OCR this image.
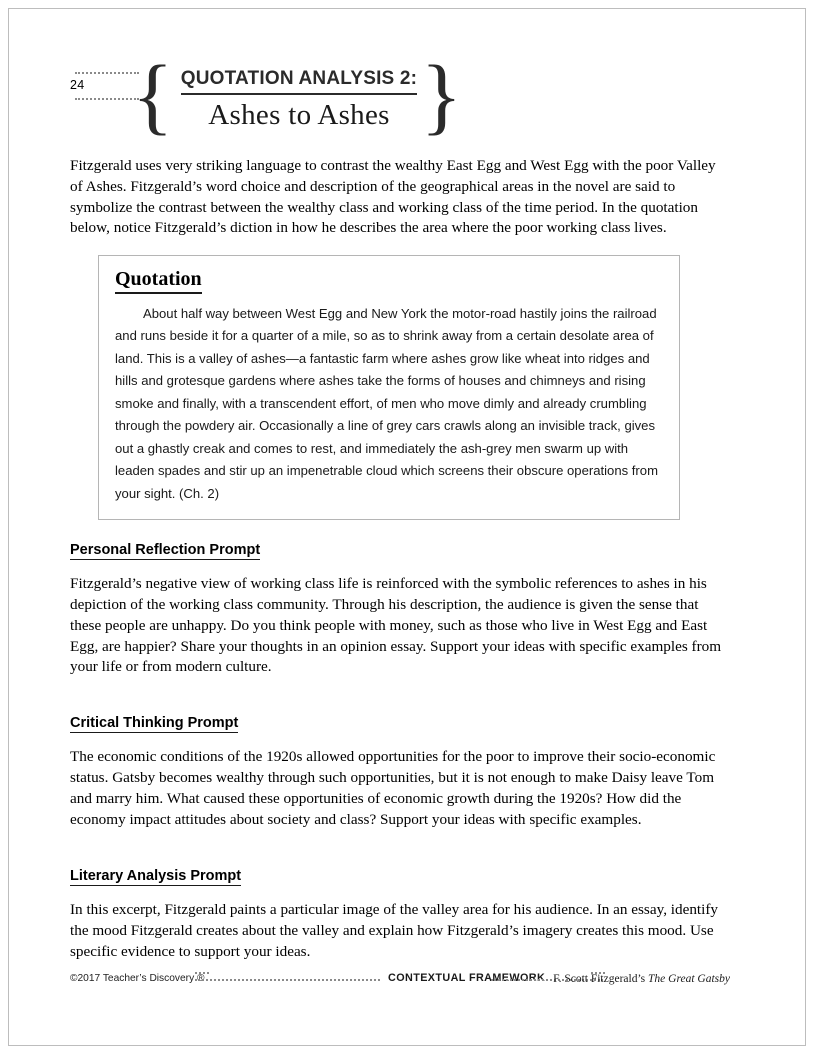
24 {	}
QUOTATION ANALYSIS 2:
Ashes to Ashes

Fitzgerald uses very striking language to contrast the wealthy East Egg and West Egg with the poor Valley of Ashes. Fitzgerald’s word choice and description of the geographical areas in the novel are said to symbolize the contrast between the wealthy class and working class of the time period. In the quotation below, notice Fitzgerald’s diction in how he describes the area where the poor working class lives.

Quotation
About half way between West Egg and New York the motor-road hastily joins the railroad and runs beside it for a quarter of a mile, so as to shrink away from a certain desolate area of land. This is a valley of ashes—a fantastic farm where ashes grow like wheat into ridges and hills and grotesque gardens where ashes take the forms of houses and chimneys and rising smoke and finally, with a transcendent effort, of men who move dimly and already crumbling through the powdery air. Occasionally a line of grey cars crawls along an invisible track, gives out a ghastly creak and comes to rest, and immediately the ash-grey men swarm up with leaden spades and stir up an impenetrable cloud which screens their obscure operations from your sight. (Ch. 2)
Personal Reflection Prompt

Fitzgerald’s negative view of working class life is reinforced with the symbolic references to ashes in his depiction of the working class community. Through his description, the audience is given the sense that these people are unhappy. Do you think people with money, such as those who live in West Egg and East Egg, are happier? Share your thoughts in an opinion essay. Support your ideas with specific examples from your life or from modern culture.

Critical Thinking Prompt

The economic conditions of the 1920s allowed opportunities for the poor to improve their socio-economic status. Gatsby becomes wealthy through such opportunities, but it is not enough to make Daisy leave Tom and marry him. What caused these opportunities of economic growth during the 1920s? How did the economy impact attitudes about society and class? Support your ideas with specific examples.

Literary Analysis Prompt

In this excerpt, Fitzgerald paints a particular image of the valley area for his audience. In an essay, identify the mood Fitzgerald creates about the valley and explain how Fitzgerald’s imagery creates this mood. Use specific evidence to support your ideas.

©2017 Teacher’s Discovery ®	CONTEXTUAL FRAMEWORK F. Scott Fitzgerald’s The Great Gatsby
